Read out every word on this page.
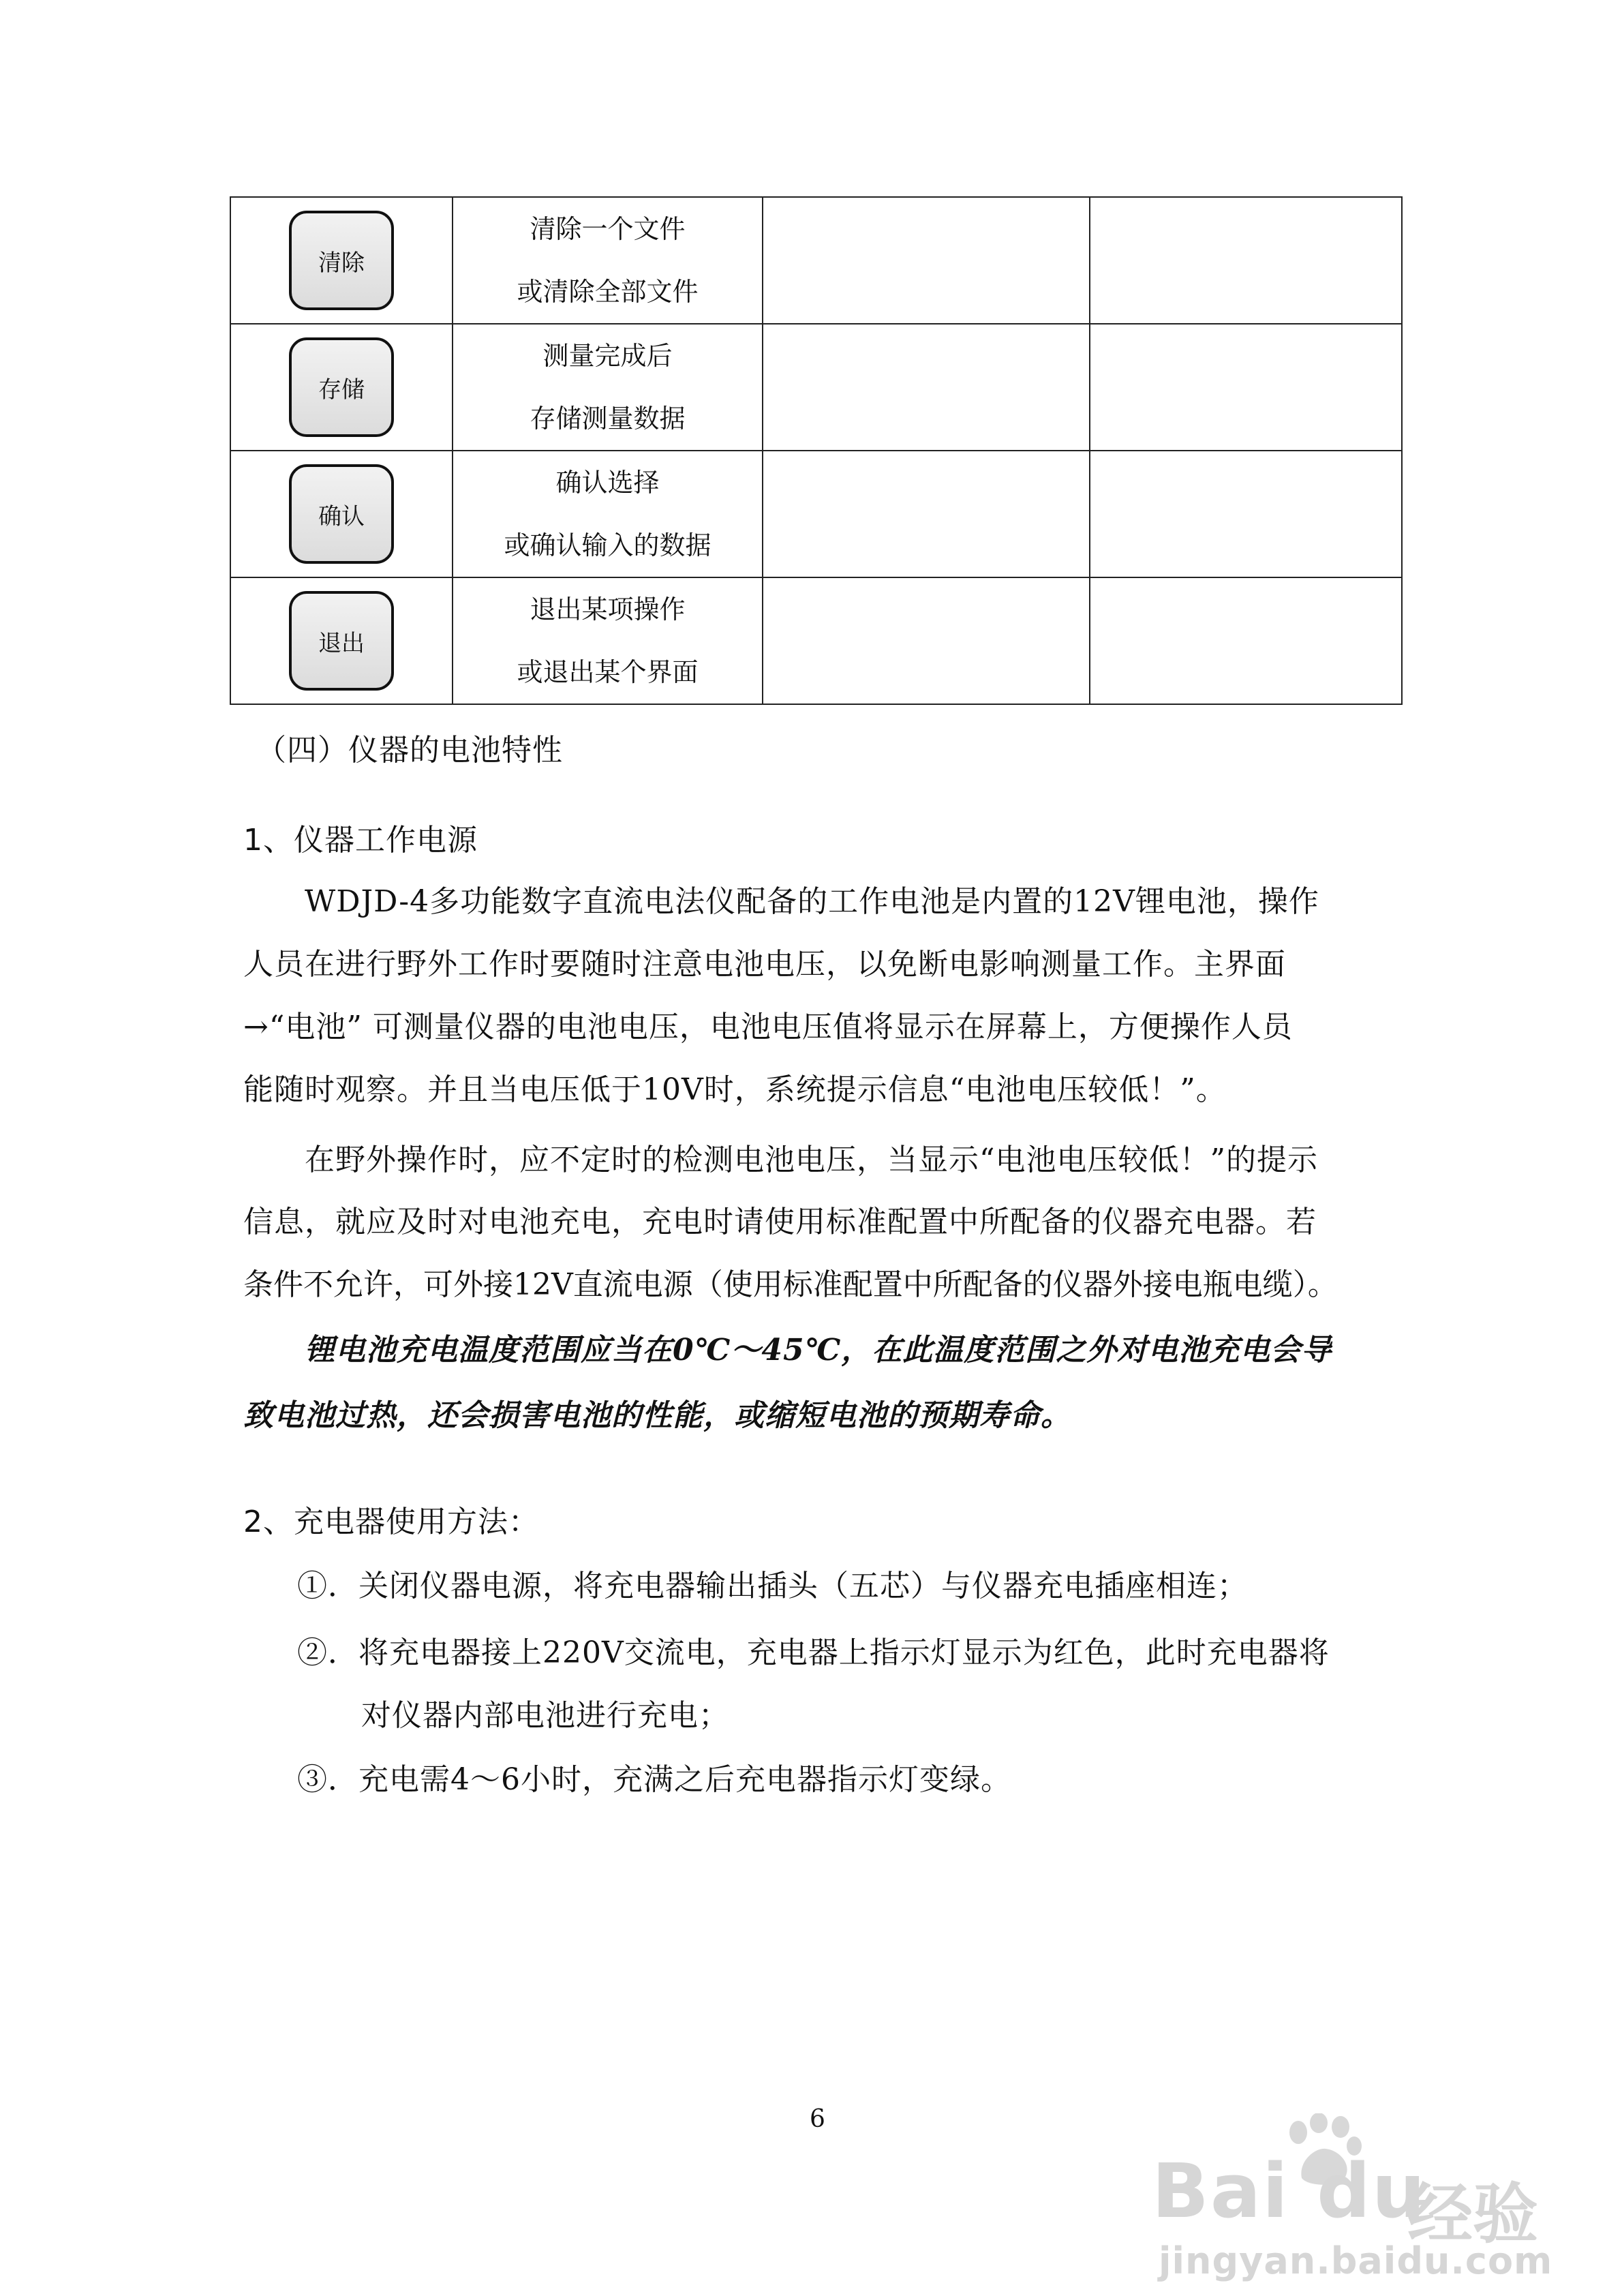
清除	清除一个文件
或清除全部文件		

存储	测量完成后
存储测量数据		

确认	确认选择
或确认输入的数据		

退出	退出某项操作
或退出某个界面		

（四）仪器的电池特性
1、仪器工作电源
WDJD-4多功能数字直流电法仪配备的工作电池是内置的12V锂电池，操作
人员在进行野外工作时要随时注意电池电压，以免断电影响测量工作。主界面
→“电池” 可测量仪器的电池电压，电池电压值将显示在屏幕上，方便操作人员
能随时观察。并且当电压低于10V时，系统提示信息“电池电压较低！”。
在野外操作时，应不定时的检测电池电压，当显示“电池电压较低！”的提示
信息，就应及时对电池充电，充电时请使用标准配置中所配备的仪器充电器。若
条件不允许，可外接12V直流电源（使用标准配置中所配备的仪器外接电瓶电缆）。
锂电池充电温度范围应当在0℃～45℃，在此温度范围之外对电池充电会导
致电池过热，还会损害电池的性能，或缩短电池的预期寿命。
2、充电器使用方法：
①．关闭仪器电源，将充电器输出插头（五芯）与仪器充电插座相连；
②．将充电器接上220V交流电，充电器上指示灯显示为红色，此时充电器将
对仪器内部电池进行充电；
③．充电需4～6小时，充满之后充电器指示灯变绿。
6
Bai du
经验
jingyan.baidu.com
